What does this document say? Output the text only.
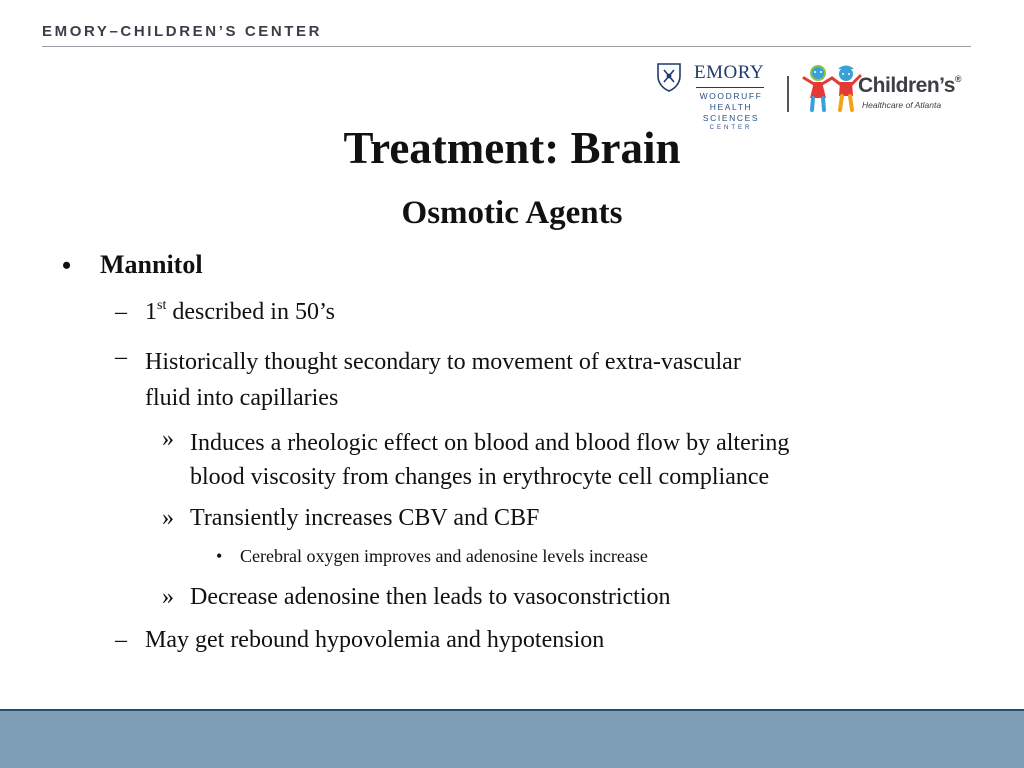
EMORY–CHILDREN’S CENTER
EMORY
WOODRUFF
HEALTH
SCIENCES
CENTER
Children’s®
Healthcare of Atlanta
Treatment: Brain
Osmotic Agents
• Mannitol
– 1st described in 50’s
– Historically thought secondary to movement of extra-vascular
fluid into capillaries
» Induces a rheologic effect on blood and blood flow by altering
blood viscosity from changes in erythrocyte cell compliance
» Transiently increases CBV and CBF
• Cerebral oxygen improves and adenosine levels increase
» Decrease adenosine then leads to vasoconstriction
– May get rebound hypovolemia and hypotension
